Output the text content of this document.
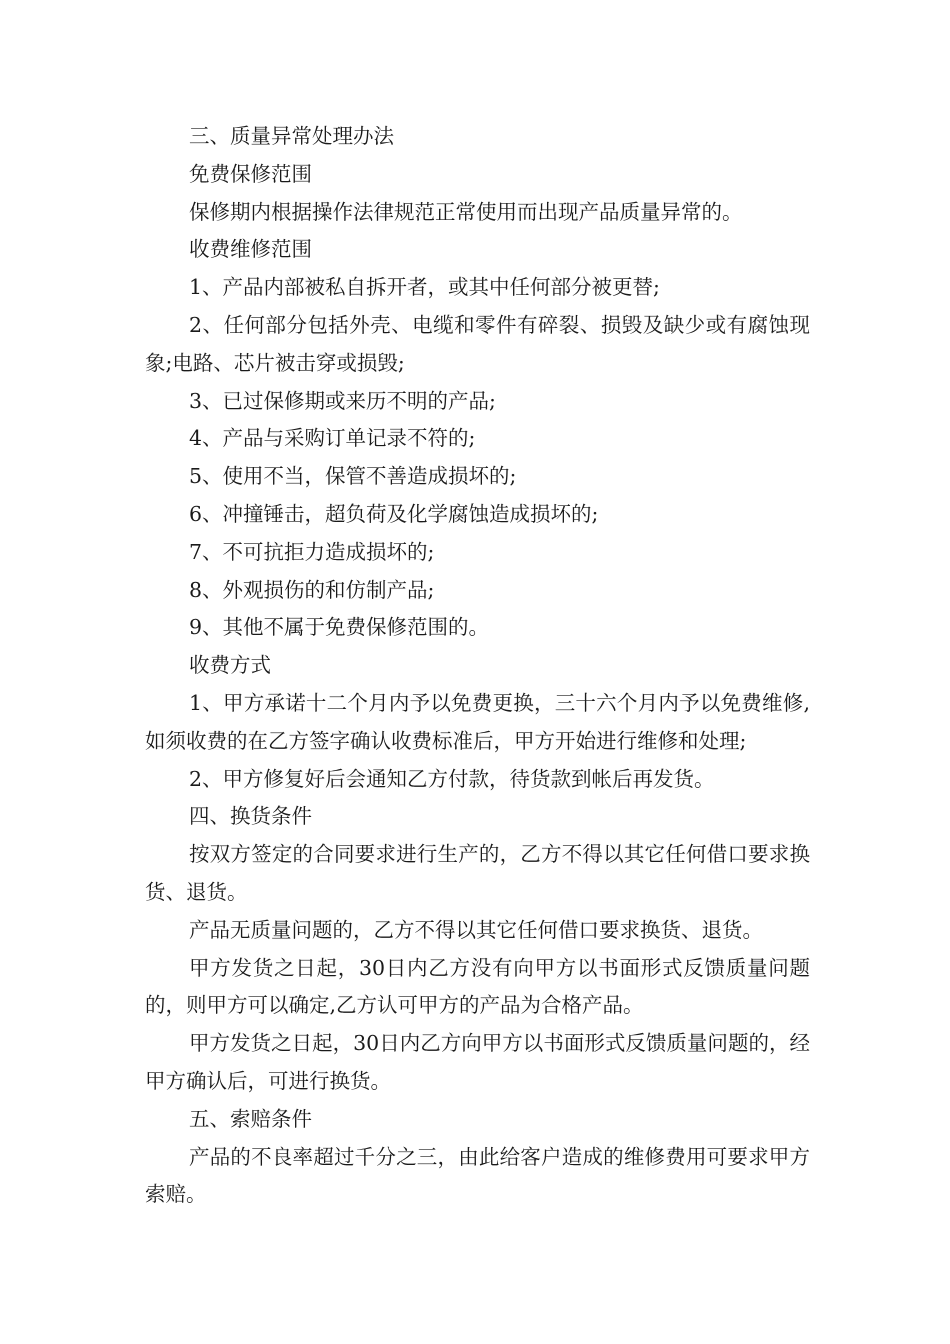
三、质量异常处理办法

免费保修范围

保修期内根据操作法律规范正常使用而出现产品质量异常的。

收费维修范围

1、产品内部被私自拆开者，或其中任何部分被更替;

2、任何部分包括外壳、电缆和零件有碎裂、损毁及缺少或有腐蚀现象;电路、芯片被击穿或损毁;

3、已过保修期或来历不明的产品;

4、产品与采购订单记录不符的;

5、使用不当，保管不善造成损坏的;

6、冲撞锤击，超负荷及化学腐蚀造成损坏的;

7、不可抗拒力造成损坏的;

8、外观损伤的和仿制产品;

9、其他不属于免费保修范围的。

收费方式

1、甲方承诺十二个月内予以免费更换，三十六个月内予以免费维修,如须收费的在乙方签字确认收费标准后，甲方开始进行维修和处理;

2、甲方修复好后会通知乙方付款，待货款到帐后再发货。

四、换货条件

按双方签定的合同要求进行生产的，乙方不得以其它任何借口要求换货、退货。

产品无质量问题的，乙方不得以其它任何借口要求换货、退货。

甲方发货之日起，30日内乙方没有向甲方以书面形式反馈质量问题的，则甲方可以确定,乙方认可甲方的产品为合格产品。

甲方发货之日起，30日内乙方向甲方以书面形式反馈质量问题的，经甲方确认后，可进行换货。

五、索赔条件

产品的不良率超过千分之三，由此给客户造成的维修费用可要求甲方索赔。
